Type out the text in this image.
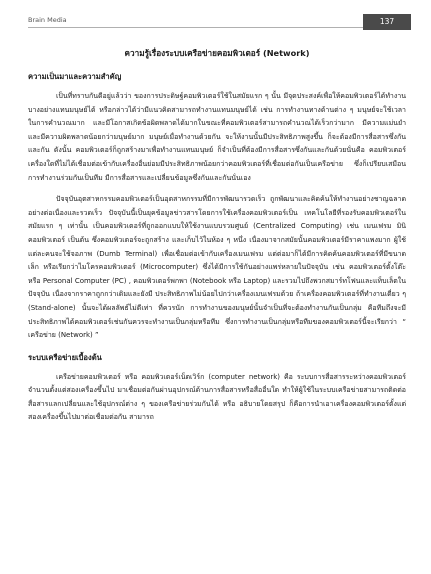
Brain Media	137
ความรู้เรื่องระบบเครือข่ายคอมพิวเตอร์ (Network)
ความเป็นมาและความสำคัญ

เป็นที่ทราบกันดีอยู่แล้วว่า ของการประดิษฐ์คอมพิวเตอร์ใช้ในสมัยแรก ๆ นั้น มีจุดประสงค์เพื่อให้คอมพิวเตอร์ได้ทำงานบางอย่างแทนมนุษย์ได้ หรือกล่าวได้ว่ามีแนวคิดสามารถทำงานแทนมนุษย์ได้ เช่น การทำงานทางด้านต่าง ๆ มนุษย์จะใช้เวลาในการคำนวณมาก และมีโอกาสเกิดข้อผิดพลาดได้มากในขณะที่คอมพิวเตอร์สามารถคำนวณได้เร็วกว่ามาก มีความแม่นยำและมีความผิดพลาดน้อยกว่ามนุษย์มาก มนุษย์เมื่อทำงานด้วยกัน จะให้งานนั้นมีประสิทธิภาพสูงขึ้น ก็จะต้องมีการสื่อสารซึ่งกันและกัน ดังนั้น คอมพิวเตอร์ก็ถูกสร้างมาเพื่อทำงานแทนมนุษย์ ก็จำเป็นที่ต้องมีการสื่อสารซึ่งกันและกันด้วยนั่นคือ คอมพิวเตอร์เครื่องใดที่ไม่ได้เชื่อมต่อเข้ากับเครื่องอื่นย่อมมีประสิทธิภาพน้อยกว่าคอมพิวเตอร์ที่เชื่อมต่อกันเป็นเครือข่าย ซึ่งก็เปรียบเสมือนการทำงานร่วมกันเป็นทีม มีการสื่อสารและเปลี่ยนข้อมูลซึ่งกันและกันนั่นเอง

ปัจจุบันอุตสาหกรรมคอมพิวเตอร์เป็นอุตสาหกรรมที่มีการพัฒนารวดเร็ว ถูกพัฒนาและคิดค้นให้ทำงานอย่างชาญฉลาดอย่างต่อเนื่องและรวดเร็ว ปัจจุบันนี้เป็นยุคข้อมูลข่าวสารโดยการใช้เครื่องคอมพิวเตอร์เป็น เทคโนโลยีที่รองรับคอมพิวเตอร์ในสมัยแรก ๆ เท่านั้น เป็นคอมพิวเตอร์ที่ถูกออกแบบให้ใช้งานแบบรวมศูนย์ (Centralized Computing) เช่น เมนเฟรม มินิคอมพิวเตอร์ เป็นต้น ซึ่งคอมพิวเตอร์จะถูกสร้าง และเก็บไว้ในห้อง ๆ หนึ่ง เนื่องมาจากสมัยนั้นคอมพิวเตอร์มีราคาแพงมาก ผู้ใช้แต่ละคนจะใช้จอภาพ (Dumb Terminal) เพื่อเชื่อมต่อเข้ากับเครื่องเมนเฟรม แต่ต่อมาก็ได้มีการคิดค้นคอมพิวเตอร์ที่มีขนาดเล็ก หรือเรียกว่าไมโครคอมพิวเตอร์ (Microcomputer) ซึ่งได้มีการใช้กันอย่างแพร่หลายในปัจจุบัน เช่น คอมพิวเตอร์ตั้งโต๊ะ หรือ Personal Computer (PC) , คอมพิวเตอร์พกพา (Notebook หรือ Laptop) และรวมไปถึงพวกสมาร์ทโฟนและแท็บเล็ตในปัจจุบัน เนื่องจากราคาถูกกว่าเดิมและยังมี ประสิทธิภาพไม่น้อยไปกว่าเครื่องเมนเฟรมด้วย ถ้าเครื่องคอมพิวเตอร์ที่ทำงานเดี่ยว ๆ (Stand-alone) นั้นจะได้ผลลัพธ์ไม่ดีเท่า ที่ควรนัก การทำงานของมนุษย์นั้นจำเป็นที่จะต้องทำงานกันเป็นกลุ่ม คือทีมถึงจะมีประสิทธิภาพได้คอมพิวเตอร์เช่นกันควรจะทำงานเป็นกลุ่มหรือทีม ซึ่งการทำงานเป็นกลุ่มหรือทีมของคอมพิวเตอร์นี้จะเรียกว่า “ เครือข่าย (Network) ”

ระบบเครือข่ายเบื้องต้น

เครือข่ายคอมพิวเตอร์ หรือ คอมพิวเตอร์เน็ตเวิร์ก (computer network) คือ ระบบการสื่อสารระหว่างคอมพิวเตอร์จำนวนตั้งแต่สองเครื่องขึ้นไป มาเชื่อมต่อกันผ่านอุปกรณ์ด้านการสื่อสารหรือสื่ออื่นใด ทำให้ผู้ใช้ในระบบเครือข่ายสามารถติดต่อสื่อสารแลกเปลี่ยนและใช้อุปกรณ์ต่าง ๆ ของเครือข่ายร่วมกันได้ หรือ อธิบายโดยสรุป ก็คือการนำเอาเครื่องคอมพิวเตอร์ตั้งแต่สองเครื่องขึ้นไปมาต่อเชื่อมต่อกัน สามารถ
